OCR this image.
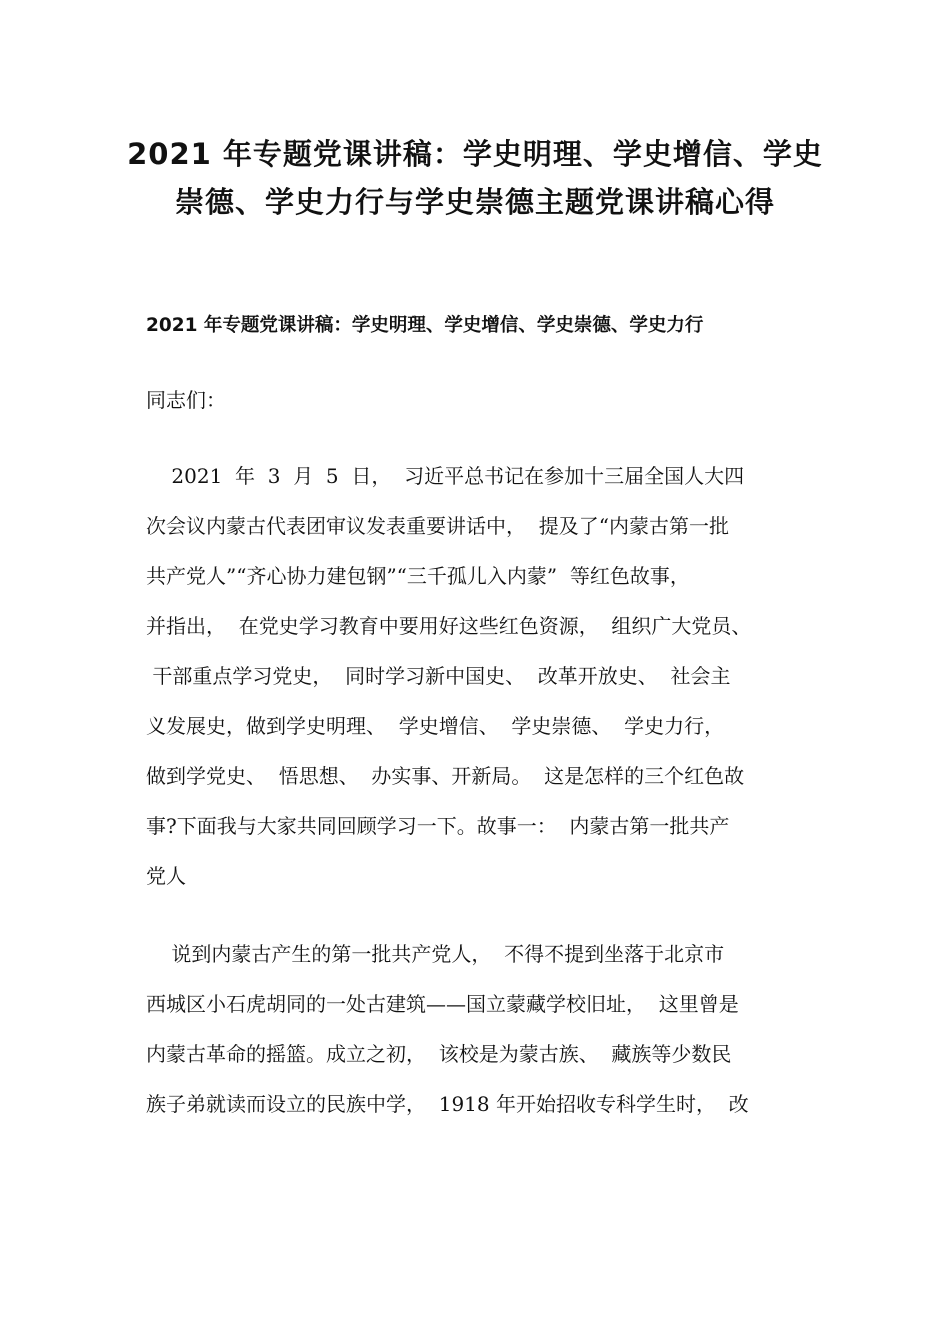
2021 年专题党课讲稿：学史明理、学史增信、学史
崇德、学史力行与学史崇德主题党课讲稿心得

2021 年专题党课讲稿：学史明理、学史增信、学史崇德、学史力行

同志们：

2021  年  3  月  5  日，  习近平总书记在参加十三届全国人大四

次会议内蒙古代表团审议发表重要讲话中，  提及了“内蒙古第一批

共产党人”“齐心协力建包钢”“三千孤儿入内蒙”  等红色故事，

并指出，  在党史学习教育中要用好这些红色资源，  组织广大党员、

干部重点学习党史，  同时学习新中国史、  改革开放史、  社会主

义发展史，做到学史明理、  学史增信、  学史崇德、  学史力行，

做到学党史、  悟思想、  办实事、开新局。  这是怎样的三个红色故

事?下面我与大家共同回顾学习一下。故事一：  内蒙古第一批共产

党人

说到内蒙古产生的第一批共产党人，  不得不提到坐落于北京市

西城区小石虎胡同的一处古建筑——国立蒙藏学校旧址，  这里曾是

内蒙古革命的摇篮。成立之初，  该校是为蒙古族、  藏族等少数民

族子弟就读而设立的民族中学，  1918 年开始招收专科学生时，  改
